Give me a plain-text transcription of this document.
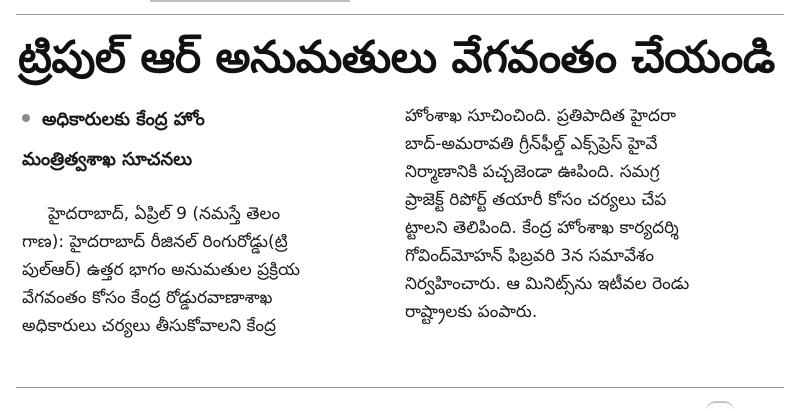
ట్రిపుల్ ఆర్ అనుమతులు వేగవంతం చేయండి
అధికారులకు కేంద్ర హోం
మంత్రిత్వశాఖ సూచనలు
హైదరాబాద్, ఏప్రిల్ 9 (నమస్తే తెలం
గాణ): హైదరాబాద్ రీజినల్ రింగురోడ్డు(ట్రి
పుల్ఆర్) ఉత్తర భాగం అనుమతుల ప్రక్రియ
వేగవంతం కోసం కేంద్ర రోడ్డురవాణాశాఖ
అధికారులు చర్యలు తీసుకోవాలని కేంద్ర
హోంశాఖ సూచించింది. ప్రతిపాదిత హైదరా
బాద్-అమరావతి గ్రీన్‌ఫీల్డ్ ఎక్స్‌ప్రెస్ హైవే
నిర్మాణానికి పచ్చజెండా ఊపింది. సమగ్ర
ప్రాజెక్ట్ రిపోర్ట్ తయారీ కోసం చర్యలు చేప
ట్టాలని తెలిపింది. కేంద్ర హోంశాఖ కార్యదర్శి
గోవింద్‌మోహన్ ఫిబ్రవరి 3న సమావేశం
నిర్వహించారు. ఆ మినిట్స్‌ను ఇటీవల రెండు
రాష్ట్రాలకు పంపారు.
